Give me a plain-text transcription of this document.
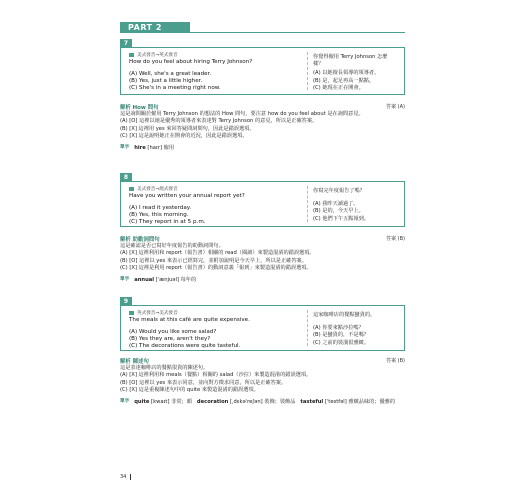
PART 2
7
美式發音→英式發音
How do you feel about hiring Terry Johnson?
(A) Well, she's a great leader.
(B) Yes, just a little higher.
(C) She's in a meeting right now.
你覺得僱用 Terry Johnson 怎麼
樣？
(A) 以她擅長領導的領導者。
(B) 是，起足再高一點點。
(C) 她現在正在開會。
解析 How 問句	答案 (A)
這是詢問關於僱用 Terry Johnson 的想法的 How 問句，要注意 how do you feel about 是在詢問意見。
(A) [O] 這裡以她是優秀的領導者來表達對 Terry Johnson 的意見，所以是正確答案。
(B) [X] 這裡用 yes 來回答疑問詞問句，因此是錯誤選項。
(C) [X] 這是說明她正在開會的近況，因此是錯誤選項。
單字 hire [haɪr] 僱用
8
美式發音→澳式發音
Have you written your annual report yet?
(A) I read it yesterday.
(B) Yes, this morning.
(C) They report in at 5 p.m.
你寫完年度報告了嗎？
(A) 我昨天讀過了。
(B) 是的，今天早上。
(C) 他們下午五點報到。
解析 助動詞問句	答案 (B)
這是確認是否已寫好年度報告的助動詞問句。
(A) [X] 這裡利用和 report（報告書）相關的 read（閱讀）來製造混淆的錯誤選項。
(B) [O] 這裡以 yes 來表示已經寫完，並附加說明是今天早上，所以是正確答案。
(C) [X] 這裡是利用 report（報告書）的動詞意義「報到」來製造混淆的錯誤選項。
單字 annual [ˈænjuəl] 每年的
9
英式發音→美式發音
The meals at this café are quite expensive.
(A) Would you like some salad?
(B) Yes they are, aren't they?
(C) The decorations were quite tasteful.
這家咖啡店的餐點蠻貴的。
(A) 你要來點沙拉嗎？
(B) 是蠻貴的，不是嗎？
(C) 之前的裝潢很雅緻。
解析 陳述句	答案 (B)
這是表達咖啡店的餐點很貴的陳述句。
(A) [X] 這裡利用和 meals（餐點）相關的 salad（沙拉）來製造混淆的錯誤選項。
(B) [O] 這裡以 yes 來表示同意，並向對方徵求同意，所以是正確答案。
(C) [X] 這是重複陳述句中的 quite 來製造混淆的錯誤選項。
單字 quite [kwaɪt] 非常；頗 decoration [ˌdɛkəˈreʃən] 裝飾；裝飾品 tasteful [ˈtestfəl] 雅緻品味的；優雅的
34
